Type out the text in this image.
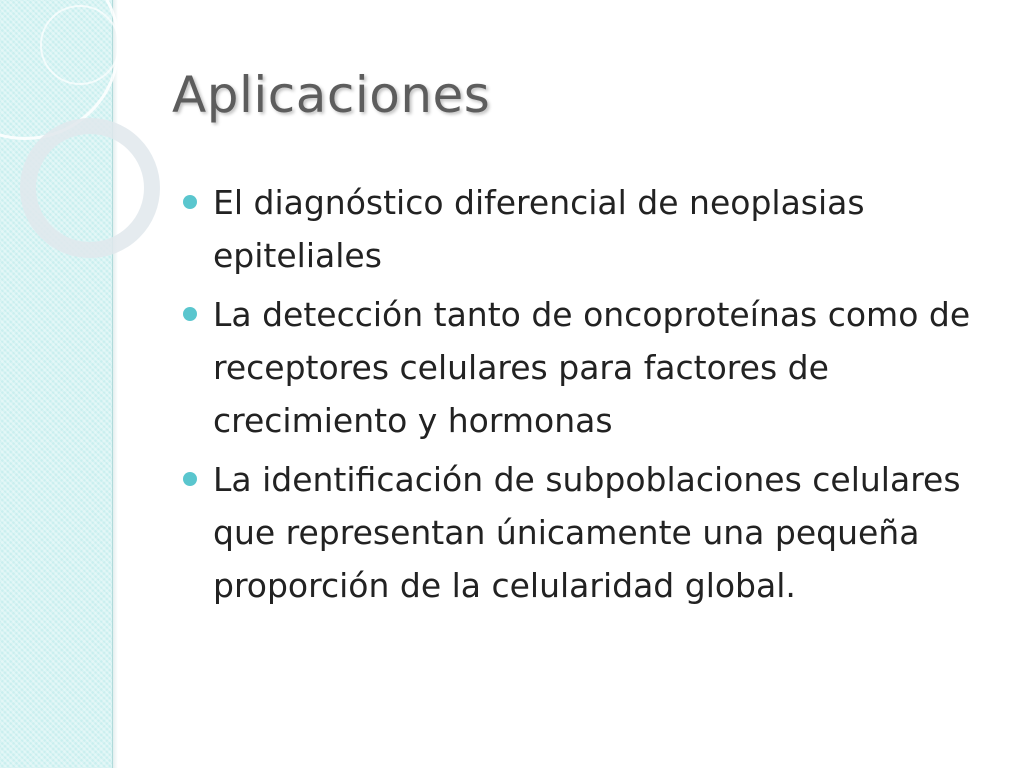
Aplicaciones
El diagnóstico diferencial de neoplasias epiteliales
La detección tanto de oncoproteínas como de receptores celulares para factores de crecimiento y hormonas
La identificación de subpoblaciones celulares que representan únicamente una pequeña proporción de la celularidad global.
